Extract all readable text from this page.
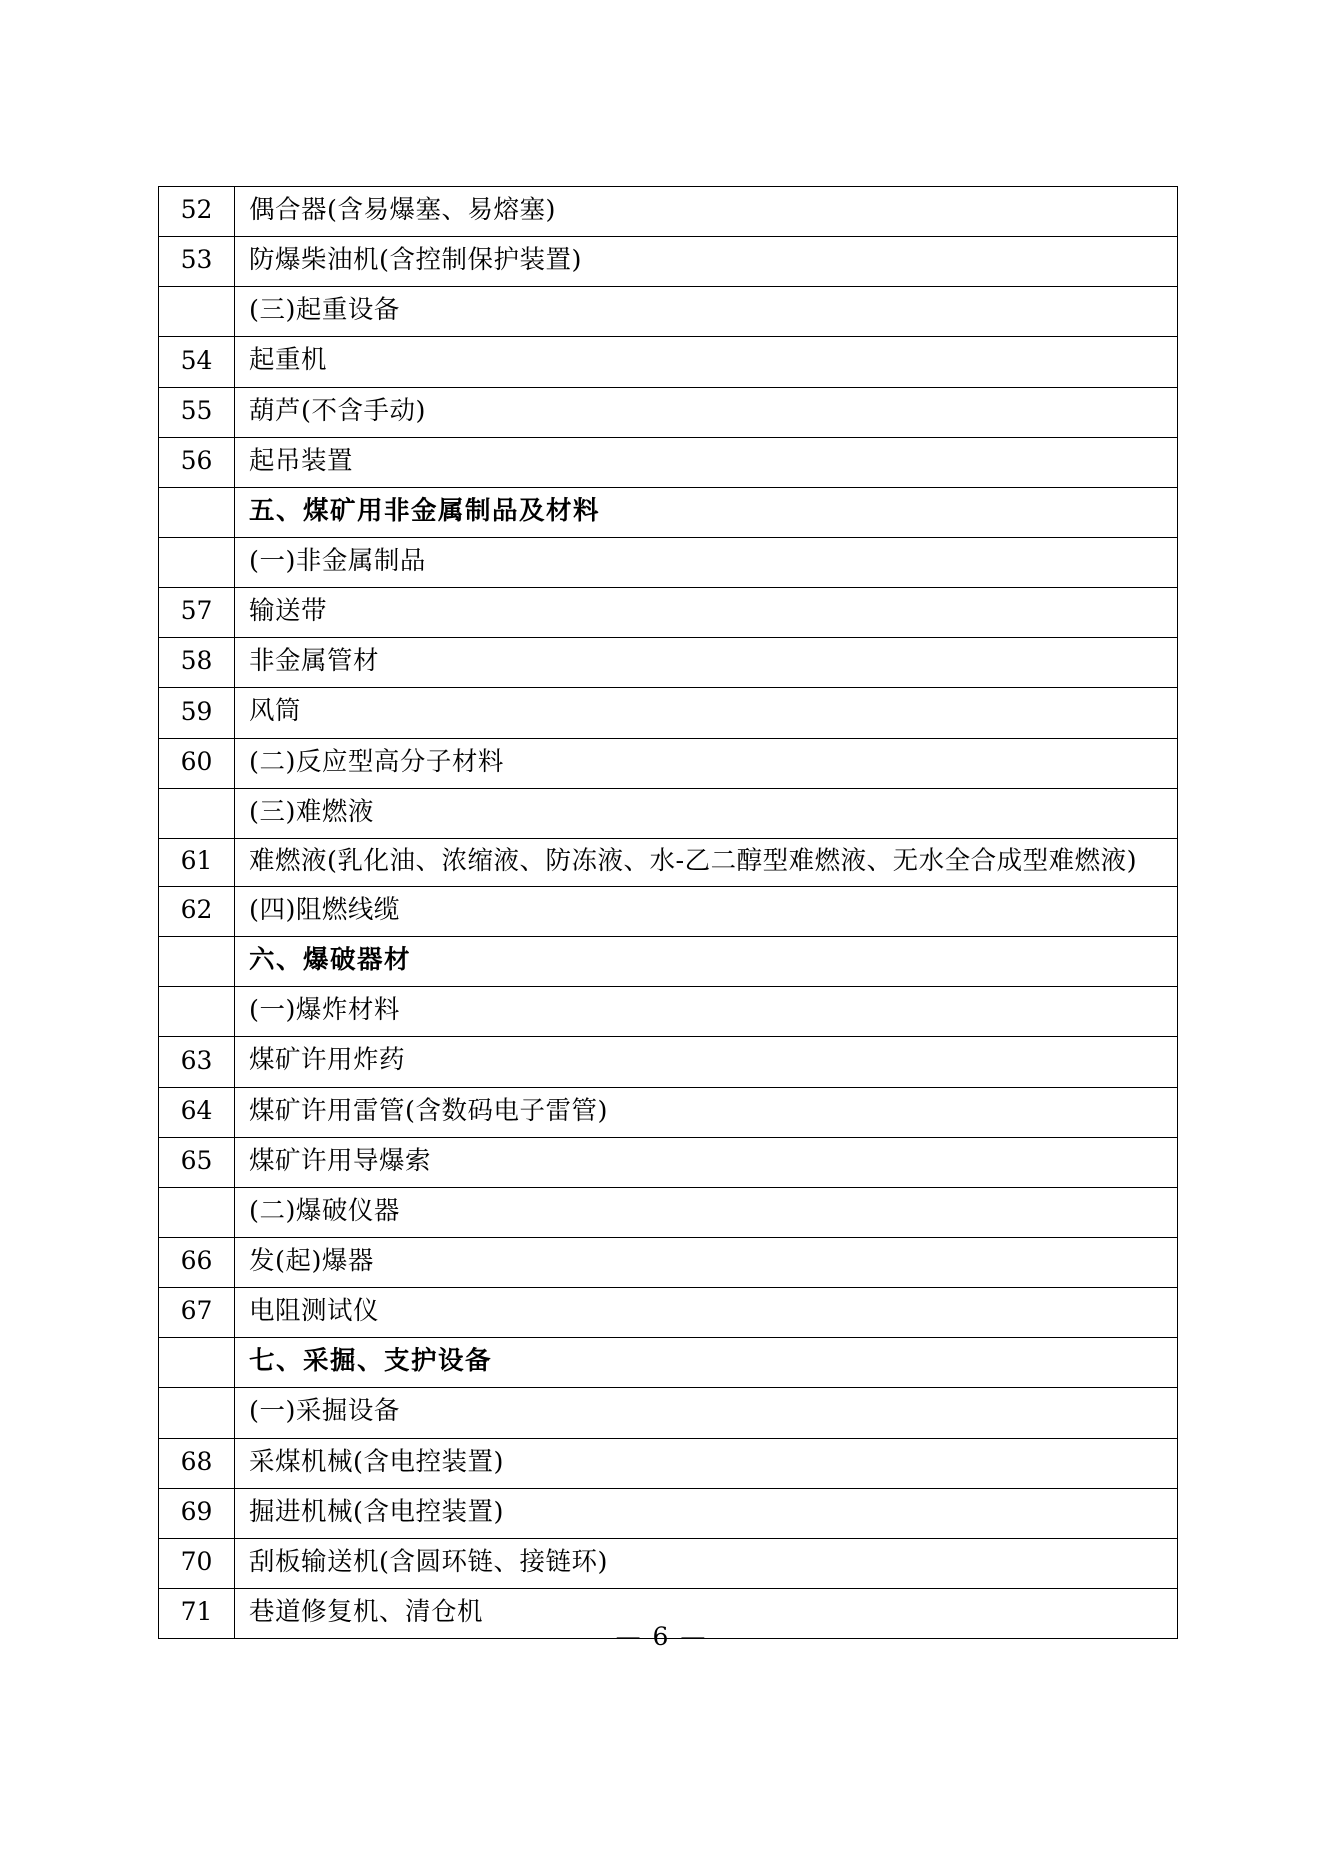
52	偶合器(含易爆塞、易熔塞)
53	防爆柴油机(含控制保护装置)
	(三)起重设备
54	起重机
55	葫芦(不含手动)
56	起吊装置
	五、煤矿用非金属制品及材料
	(一)非金属制品
57	输送带
58	非金属管材
59	风筒
60	(二)反应型高分子材料
	(三)难燃液
61	难燃液(乳化油、浓缩液、防冻液、水-乙二醇型难燃液、无水全合成型难燃液)
62	(四)阻燃线缆
	六、爆破器材
	(一)爆炸材料
63	煤矿许用炸药
64	煤矿许用雷管(含数码电子雷管)
65	煤矿许用导爆索
	(二)爆破仪器
66	发(起)爆器
67	电阻测试仪
	七、采掘、支护设备
	(一)采掘设备
68	采煤机械(含电控装置)
69	掘进机械(含电控装置)
70	刮板输送机(含圆环链、接链环)
71	巷道修复机、清仓机
— 6 —
